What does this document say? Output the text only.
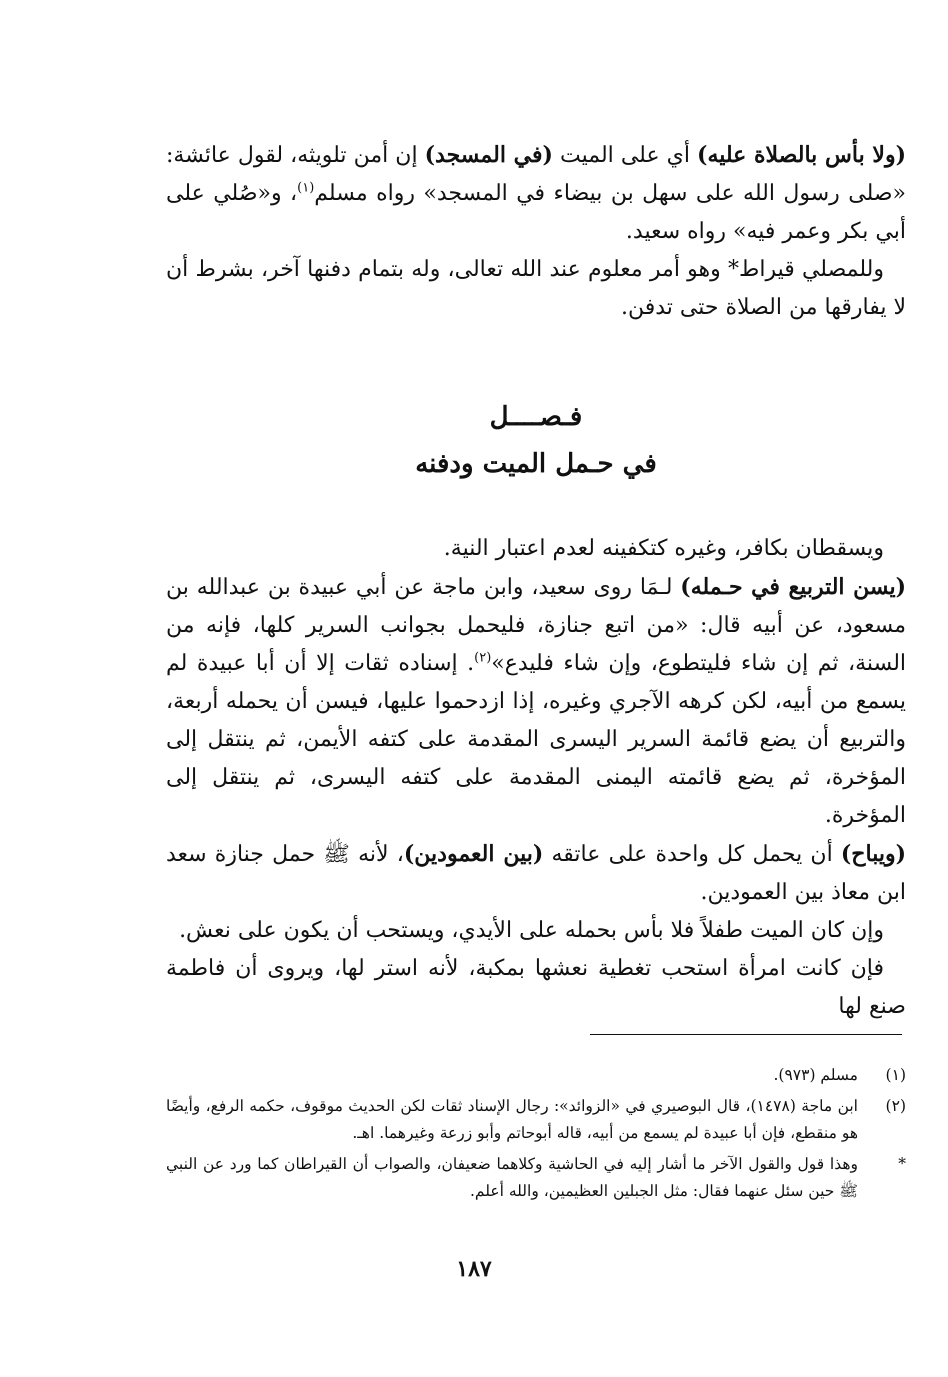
(ولا بأس بالصلاة عليه) أي على الميت (في المسجد) إن أمن تلويثه، لقول عائشة: «صلى رسول الله على سهل بن بيضاء في المسجد» رواه مسلم$^{(١)}$، و«صُلي على أبي بكر وعمر فيه» رواه سعيد.

وللمصلي قيراط* وهو أمر معلوم عند الله تعالى، وله بتمام دفنها آخر، بشرط أن لا يفارقها من الصلاة حتى تدفن.

فـصــــل
في حـمل الميت ودفنه

ويسقطان بكافر، وغيره كتكفينه لعدم اعتبار النية.

(يسن التربيع في حـمله) لـمَا روى سعيد، وابن ماجة عن أبي عبيدة بن عبدالله بن مسعود، عن أبيه قال: «من اتبع جنازة، فليحمل بجوانب السرير كلها، فإنه من السنة، ثم إن شاء فليتطوع، وإن شاء فليدع»$^{(٢)}$. إسناده ثقات إلا أن أبا عبيدة لم يسمع من أبيه، لكن كرهه الآجري وغيره، إذا ازدحموا عليها، فيسن أن يحمله أربعة، والتربيع أن يضع قائمة السرير اليسرى المقدمة على كتفه الأيمن، ثم ينتقل إلى المؤخرة، ثم يضع قائمته اليمنى المقدمة على كتفه اليسرى، ثم ينتقل إلى المؤخرة.

(ويباح) أن يحمل كل واحدة على عاتقه (بين العمودين)، لأنه ﷺ حمل جنازة سعد ابن معاذ بين العمودين.

وإن كان الميت طفلاً فلا بأس بحمله على الأيدي، ويستحب أن يكون على نعش.

فإن كانت امرأة استحب تغطية نعشها بمكبة، لأنه استر لها، ويروى أن فاطمة صنع لها

(١)
مسلم (٩٧٣).

(٢)
ابن ماجة (١٤٧٨)، قال البوصيري في «الزوائد»: رجال الإسناد ثقات لكن الحديث موقوف، حكمه الرفع، وأيضًا هو منقطع، فإن أبا عبيدة لم يسمع من أبيه، قاله أبوحاتم وأبو زرعة وغيرهما. اهـ.

*
وهذا قول والقول الآخر ما أشار إليه في الحاشية وكلاهما ضعيفان، والصواب أن القيراطان كما ورد عن النبي ﷺ حين سئل عنهما فقال: مثل الجبلين العظيمين، والله أعلم.

١٨٧
